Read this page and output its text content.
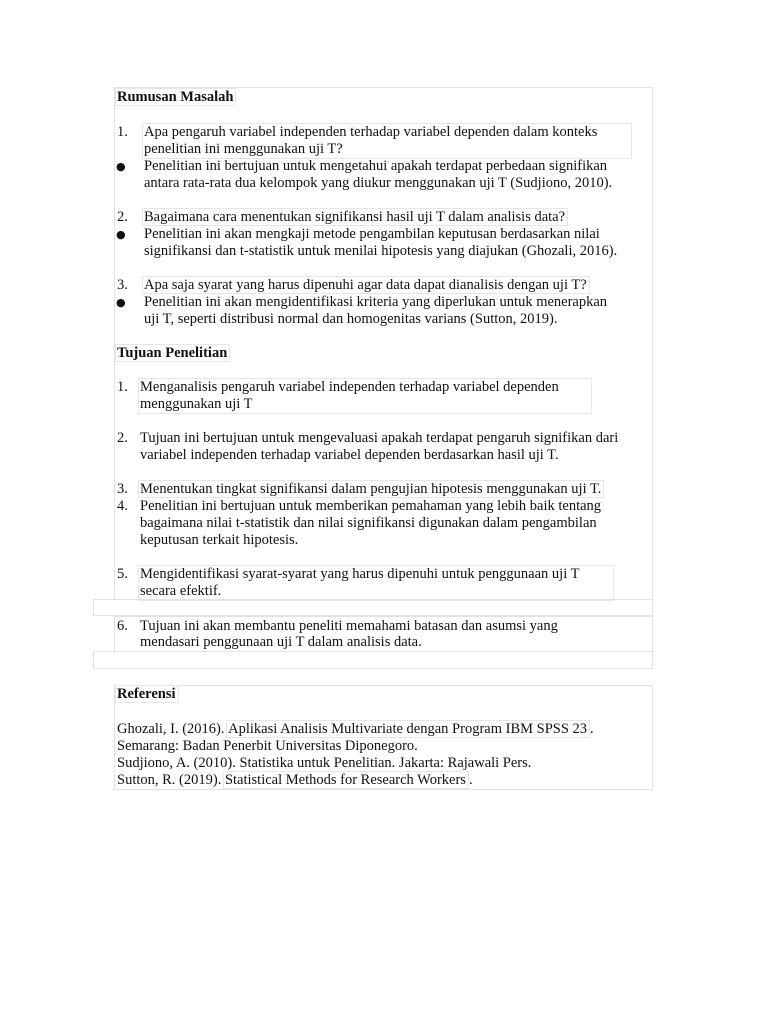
Rumusan Masalah
1.	Apa pengaruh variabel independen terhadap variabel dependen dalam konteks
penelitian ini menggunakan uji T?
● Penelitian ini bertujuan untuk mengetahui apakah terdapat perbedaan signifikan
antara rata-rata dua kelompok yang diukur menggunakan uji T (Sudjiono, 2010).
2.	Bagaimana cara menentukan signifikansi hasil uji T dalam analisis data?
● Penelitian ini akan mengkaji metode pengambilan keputusan berdasarkan nilai
signifikansi dan t-statistik untuk menilai hipotesis yang diajukan (Ghozali, 2016).
3.	Apa saja syarat yang harus dipenuhi agar data dapat dianalisis dengan uji T?
● Penelitian ini akan mengidentifikasi kriteria yang diperlukan untuk menerapkan
uji T, seperti distribusi normal dan homogenitas varians (Sutton, 2019).
Tujuan Penelitian
1. Menganalisis pengaruh variabel independen terhadap variabel dependen
menggunakan uji T
2. Tujuan ini bertujuan untuk mengevaluasi apakah terdapat pengaruh signifikan dari
variabel independen terhadap variabel dependen berdasarkan hasil uji T.
3. Menentukan tingkat signifikansi dalam pengujian hipotesis menggunakan uji T.
4. Penelitian ini bertujuan untuk memberikan pemahaman yang lebih baik tentang
bagaimana nilai t-statistik dan nilai signifikansi digunakan dalam pengambilan
keputusan terkait hipotesis.
5. Mengidentifikasi syarat-syarat yang harus dipenuhi untuk penggunaan uji T
secara efektif.
6. Tujuan ini akan membantu peneliti memahami batasan dan asumsi yang
mendasari penggunaan uji T dalam analisis data.
Referensi
Ghozali, I. (2016). Aplikasi Analisis Multivariate dengan Program IBM SPSS 23 .
Semarang: Badan Penerbit Universitas Diponegoro.
Sudjiono, A. (2010). Statistika untuk Penelitian. Jakarta: Rajawali Pers.
Sutton, R. (2019). Statistical Methods for Research Workers .
